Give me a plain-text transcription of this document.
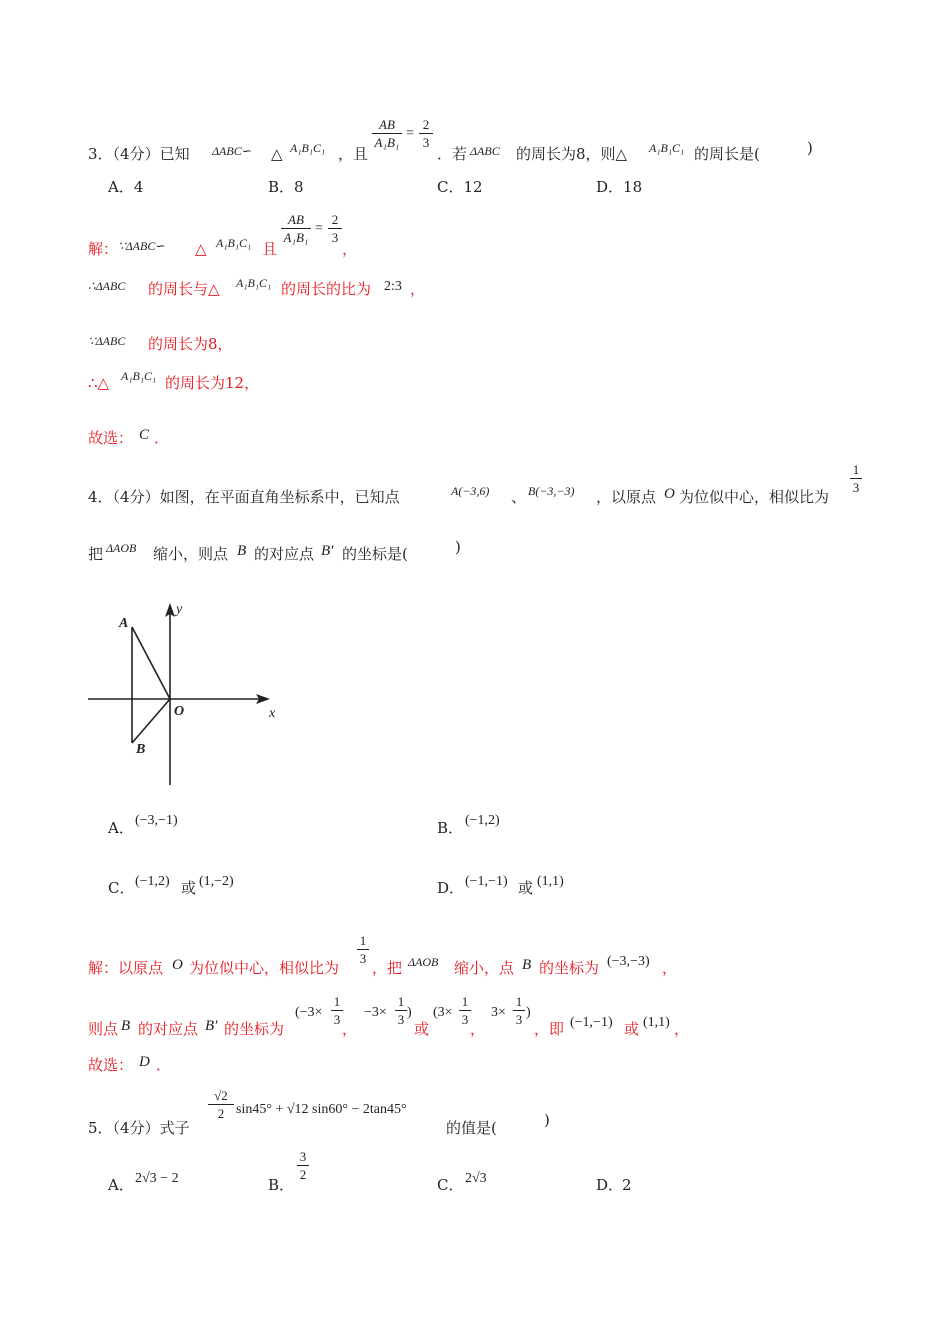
3．（4分）已知 ΔABC∽ △ A₁B₁C₁ ，且
AB
A₁B₁
=
2
3
．若 ΔABC 的周长为8，则△ A₁B₁C₁ 的周长是(	)
A．4	B．8	C．12	D．18
解： ∵ΔABC∽ △ A₁B₁C₁ 且
AB
A₁B₁
=
2
3
，
∴ΔABC 的周长与△ A₁B₁C₁ 的周长的比为 2:3 ，
∵ΔABC 的周长为8，
∴△ A₁B₁C₁ 的周长为12，
故选： C ．
4．（4分）如图，在平面直角坐标系中，已知点	A(−3,6) 、 B(−3,−3) ，以原点 O 为位似中心，相似比为
1
3
把 ΔAOB 缩小，则点 B 的对应点 B′ 的坐标是(	)
A
B
O	x
y
A． (−3,−1)	B． (−1,2)
C． (−1,2) 或 (1,−2)	D． (−1,−1) 或 (1,1)
解：以原点 O 为位似中心，相似比为
1
3
，把 ΔAOB 缩小，点 B 的坐标为 (−3,−3) ，
则点 B 的对应点 B′ 的坐标为
(−3×
1
3
，
−3×
1
3 )
或
(3×
1
3
，
3×
1
3 )
，即 (−1,−1) 或 (1,1) ，
故选： D ．
5．（4分）式子
√2
2 sin45° + √12 sin60° − 2tan45°
的值是(	)
A． 2√3 − 2	B．
3
2
C． 2√3	D．
2
